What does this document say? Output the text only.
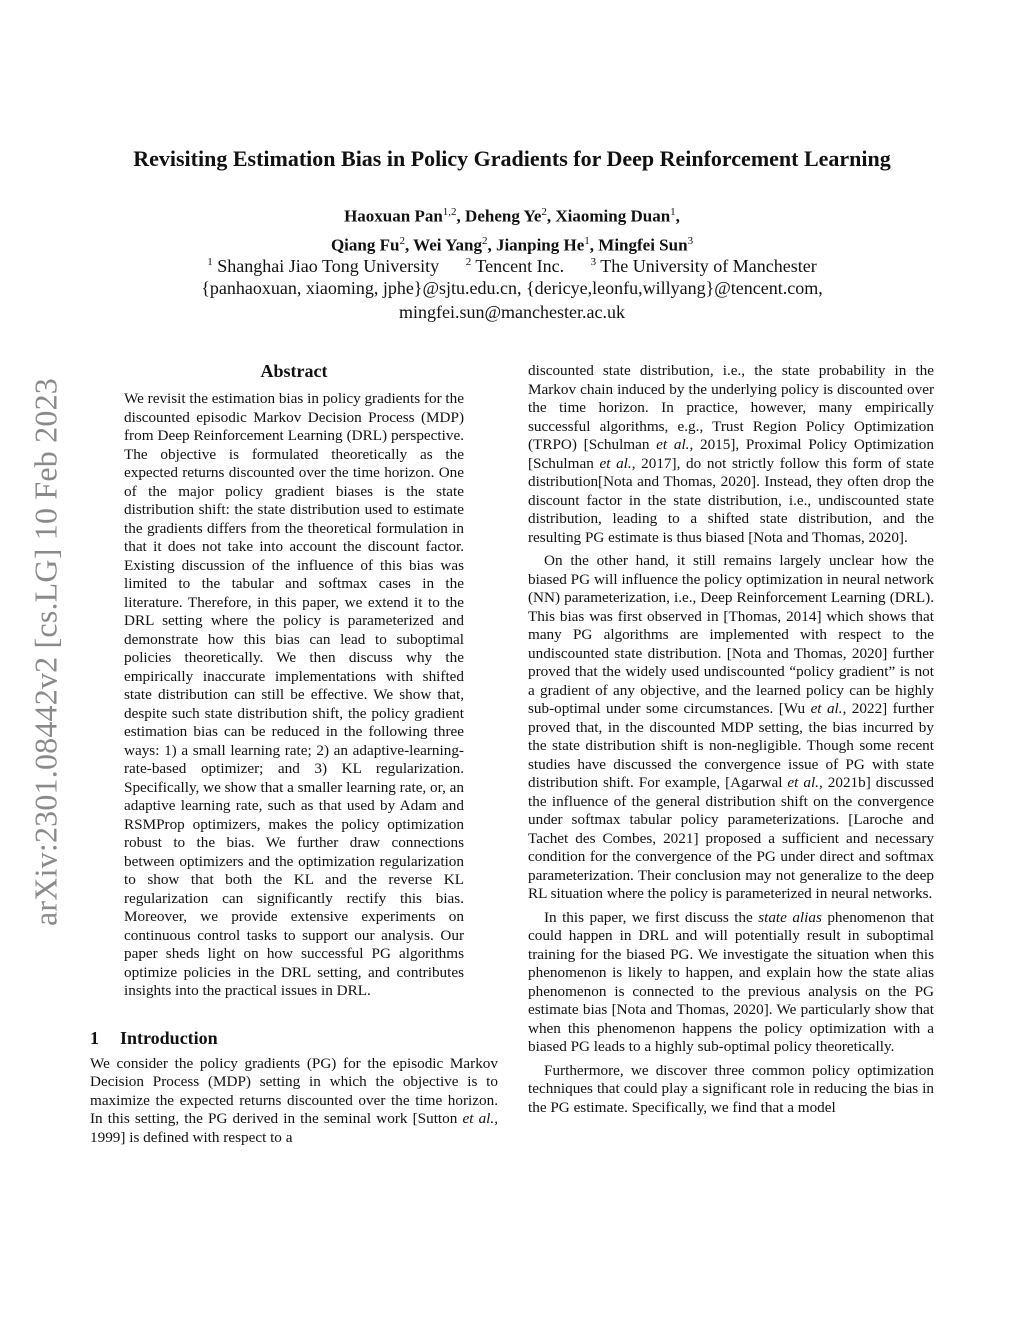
arXiv:2301.08442v2 [cs.LG] 10 Feb 2023
Revisiting Estimation Bias in Policy Gradients for Deep Reinforcement Learning
Haoxuan Pan$^{1,2}$, Deheng Ye$^2$, Xiaoming Duan$^1$,
Qiang Fu$^2$, Wei Yang$^2$, Jianping He$^1$, Mingfei Sun$^3$
$^1$ Shanghai Jiao Tong University $^2$ Tencent Inc. $^3$ The University of Manchester
{panhaoxuan, xiaoming, jphe}@sjtu.edu.cn, {dericye,leonfu,willyang}@tencent.com,
mingfei.sun@manchester.ac.uk
Abstract
We revisit the estimation bias in policy gradients for the discounted episodic Markov Decision Process (MDP) from Deep Reinforcement Learning (DRL) perspective. The objective is formulated theoretically as the expected returns discounted over the time horizon. One of the major policy gradient biases is the state distribution shift: the state distribution used to estimate the gradients differs from the theoretical formulation in that it does not take into account the discount factor. Existing discussion of the influence of this bias was limited to the tabular and softmax cases in the literature. Therefore, in this paper, we extend it to the DRL setting where the policy is parameterized and demonstrate how this bias can lead to suboptimal policies theoretically. We then discuss why the empirically inaccurate implementations with shifted state distribution can still be effective. We show that, despite such state distribution shift, the policy gradient estimation bias can be reduced in the following three ways: 1) a small learning rate; 2) an adaptive-learning-rate-based optimizer; and 3) KL regularization. Specifically, we show that a smaller learning rate, or, an adaptive learning rate, such as that used by Adam and RSMProp optimizers, makes the policy optimization robust to the bias. We further draw connections between optimizers and the optimization regularization to show that both the KL and the reverse KL regularization can significantly rectify this bias. Moreover, we provide extensive experiments on continuous control tasks to support our analysis. Our paper sheds light on how successful PG algorithms optimize policies in the DRL setting, and contributes insights into the practical issues in DRL.
1 Introduction

We consider the policy gradients (PG) for the episodic Markov Decision Process (MDP) setting in which the objective is to maximize the expected returns discounted over the time horizon. In this setting, the PG derived in the seminal work [Sutton et al., 1999] is defined with respect to a

discounted state distribution, i.e., the state probability in the Markov chain induced by the underlying policy is discounted over the time horizon. In practice, however, many empirically successful algorithms, e.g., Trust Region Policy Optimization (TRPO) [Schulman et al., 2015], Proximal Policy Optimization [Schulman et al., 2017], do not strictly follow this form of state distribution[Nota and Thomas, 2020]. Instead, they often drop the discount factor in the state distribution, i.e., undiscounted state distribution, leading to a shifted state distribution, and the resulting PG estimate is thus biased [Nota and Thomas, 2020].

On the other hand, it still remains largely unclear how the biased PG will influence the policy optimization in neural network (NN) parameterization, i.e., Deep Reinforcement Learning (DRL). This bias was first observed in [Thomas, 2014] which shows that many PG algorithms are implemented with respect to the undiscounted state distribution. [Nota and Thomas, 2020] further proved that the widely used undiscounted “policy gradient” is not a gradient of any objective, and the learned policy can be highly sub-optimal under some circumstances. [Wu et al., 2022] further proved that, in the discounted MDP setting, the bias incurred by the state distribution shift is non-negligible. Though some recent studies have discussed the convergence issue of PG with state distribution shift. For example, [Agarwal et al., 2021b] discussed the influence of the general distribution shift on the convergence under softmax tabular policy parameterizations. [Laroche and Tachet des Combes, 2021] proposed a sufficient and necessary condition for the convergence of the PG under direct and softmax parameterization. Their conclusion may not generalize to the deep RL situation where the policy is parameterized in neural networks.

In this paper, we first discuss the state alias phenomenon that could happen in DRL and will potentially result in suboptimal training for the biased PG. We investigate the situation when this phenomenon is likely to happen, and explain how the state alias phenomenon is connected to the previous analysis on the PG estimate bias [Nota and Thomas, 2020]. We particularly show that when this phenomenon happens the policy optimization with a biased PG leads to a highly sub-optimal policy theoretically.

Furthermore, we discover three common policy optimization techniques that could play a significant role in reducing the bias in the PG estimate. Specifically, we find that a model
